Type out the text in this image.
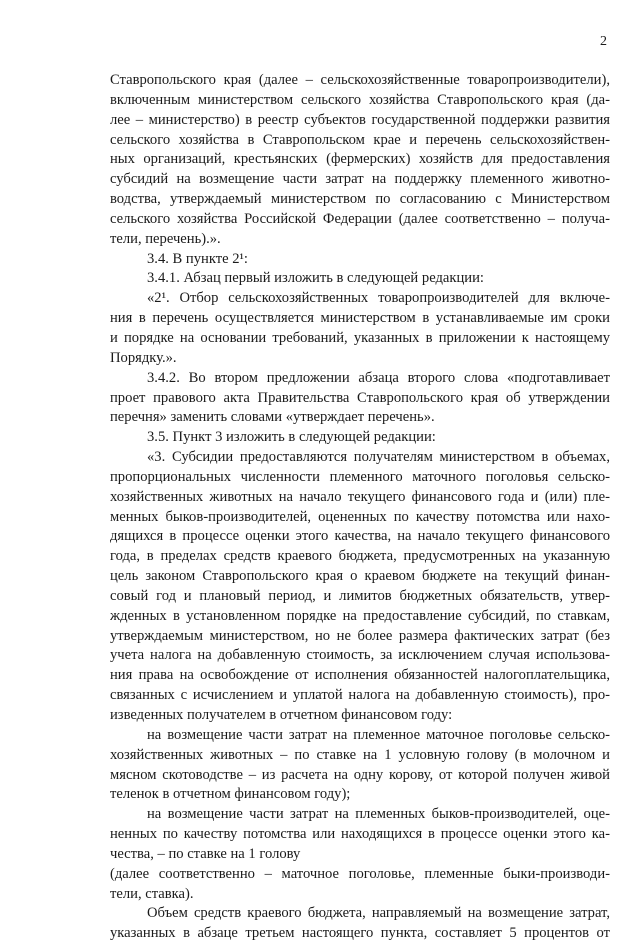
2
Ставропольского края (далее – сельскохозяйственные товаропроизводители),
включенным министерством сельского хозяйства Ставропольского края (да-
лее – министерство) в реестр субъектов государственной поддержки развития
сельского хозяйства в Ставропольском крае и перечень сельскохозяйствен-
ных организаций, крестьянских (фермерских) хозяйств для предоставления
субсидий на возмещение части затрат на поддержку племенного животно-
водства, утверждаемый министерством по согласованию с Министерством
сельского хозяйства Российской Федерации (далее соответственно – получа-
тели, перечень).».
3.4. В пункте 2¹:
3.4.1. Абзац первый изложить в следующей редакции:
«2¹. Отбор сельскохозяйственных товаропроизводителей для включе-
ния в перечень осуществляется министерством в устанавливаемые им сроки
и порядке на основании требований, указанных в приложении к настоящему
Порядку.».
3.4.2. Во втором предложении абзаца второго слова «подготавливает
проет правового акта Правительства Ставропольского края об утверждении
перечня» заменить словами «утверждает перечень».
3.5. Пункт 3 изложить в следующей редакции:
«3. Субсидии предоставляются получателям министерством в объемах,
пропорциональных численности племенного маточного поголовья сельско-
хозяйственных животных на начало текущего финансового года и (или) пле-
менных быков-производителей, оцененных по качеству потомства или нахо-
дящихся в процессе оценки этого качества, на начало текущего финансового
года, в пределах средств краевого бюджета, предусмотренных на указанную
цель законом Ставропольского края о краевом бюджете на текущий финан-
совый год и плановый период, и лимитов бюджетных обязательств, утвер-
жденных в установленном порядке на предоставление субсидий, по ставкам,
утверждаемым министерством, но не более размера фактических затрат (без
учета налога на добавленную стоимость, за исключением случая использова-
ния права на освобождение от исполнения обязанностей налогоплательщика,
связанных с исчислением и уплатой налога на добавленную стоимость), про-
изведенных получателем в отчетном финансовом году:
на возмещение части затрат на племенное маточное поголовье сельско-
хозяйственных животных – по ставке на 1 условную голову (в молочном и
мясном скотоводстве – из расчета на одну корову, от которой получен живой
теленок в отчетном финансовом году);
на возмещение части затрат на племенных быков-производителей, оце-
ненных по качеству потомства или находящихся в процессе оценки этого ка-
чества, – по ставке на 1 голову
(далее соответственно – маточное поголовье, племенные быки-производи-
тели, ставка).
Объем средств краевого бюджета, направляемый на возмещение затрат,
указанных в абзаце третьем настоящего пункта, составляет 5 процентов от
